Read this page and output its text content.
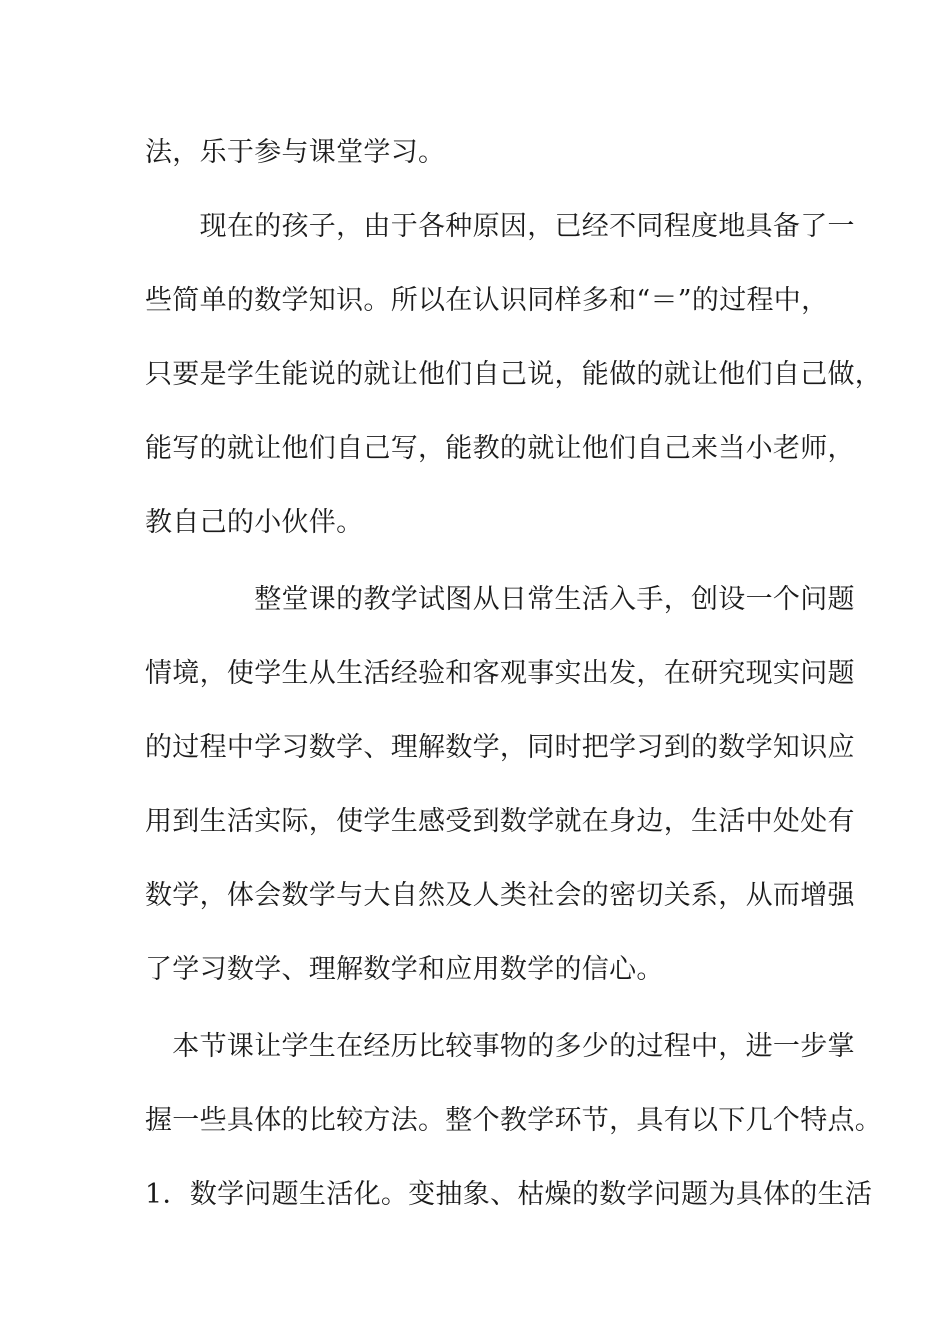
法，乐于参与课堂学习。
　　现在的孩子，由于各种原因，已经不同程度地具备了一
些简单的数学知识。所以在认识同样多和“＝”的过程中，
只要是学生能说的就让他们自己说，能做的就让他们自己做，
能写的就让他们自己写，能教的就让他们自己来当小老师，
教自己的小伙伴。
　　　　整堂课的教学试图从日常生活入手，创设一个问题
情境，使学生从生活经验和客观事实出发，在研究现实问题
的过程中学习数学、理解数学，同时把学习到的数学知识应
用到生活实际，使学生感受到数学就在身边，生活中处处有
数学，体会数学与大自然及人类社会的密切关系，从而增强
了学习数学、理解数学和应用数学的信心。
　本节课让学生在经历比较事物的多少的过程中，进一步掌
握一些具体的比较方法。整个教学环节，具有以下几个特点。
1．数学问题生活化。变抽象、枯燥的数学问题为具体的生活
